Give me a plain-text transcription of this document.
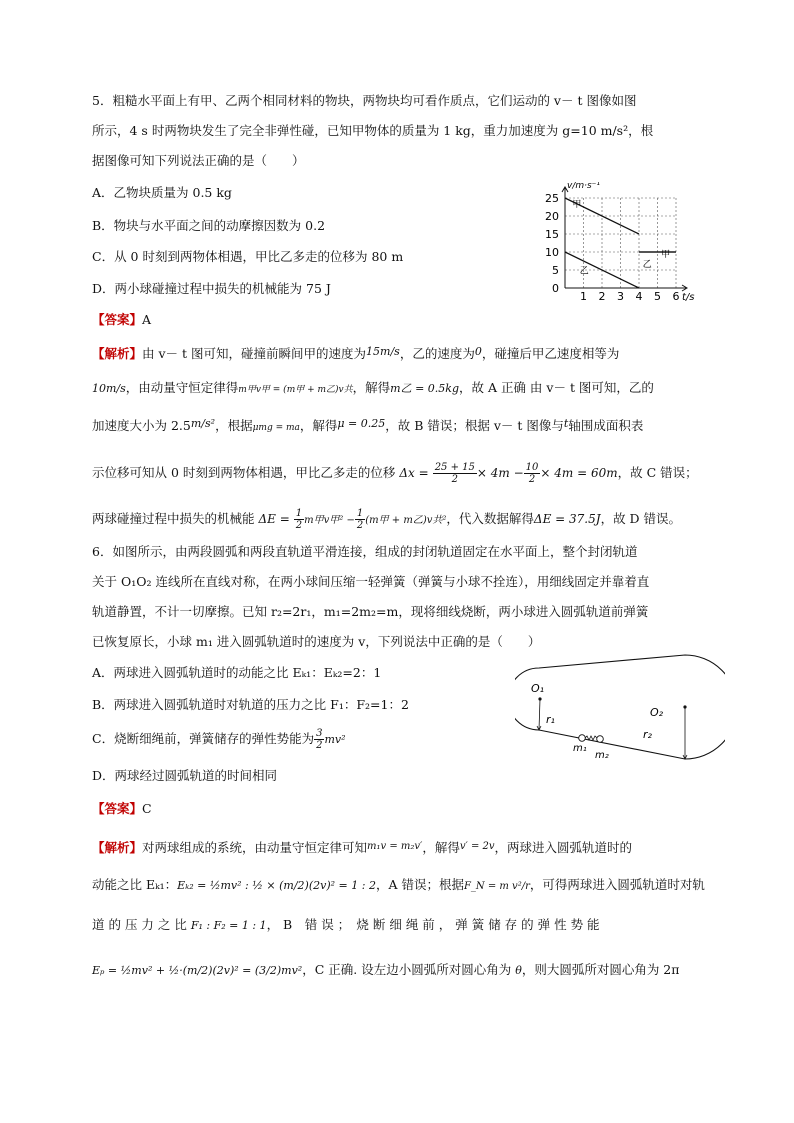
5．粗糙水平面上有甲、乙两个相同材料的物块，两物块均可看作质点，它们运动的 v－ t 图像如图
所示，4 s 时两物块发生了完全非弹性碰，已知甲物体的质量为 1 kg，重力加速度为 g=10 m/s²，根
据图像可知下列说法正确的是（　　）
A．乙物块质量为 0.5 kg
B．物块与水平面之间的动摩擦因数为 0.2
C．从 0 时刻到两物体相遇，甲比乙多走的位移为 80 m
D．两小球碰撞过程中损失的机械能为 75 J
【答案】A
1 2 3 4 5 6
0
5
10
15
20
25
t/s
v/m·s⁻¹
甲
乙
乙
甲
【解析】由 v－ t 图可知，碰撞前瞬间甲的速度为15m/s，乙的速度为0，碰撞后甲乙速度相等为
10m/s，由动量守恒定律得m甲v甲 = (m甲 + m乙)v共，解得m乙 = 0.5kg，故 A 正确 由 v－ t 图可知，乙的
加速度大小为 2.5m/s²，根据μmg = ma，解得μ = 0.25，故 B 错误；根据 v－ t 图像与t轴围成面积表
示位移可知从 0 时刻到两物体相遇，甲比乙多走的位移 $\Delta x = \frac{25 + 15}{2} \times 4m - \frac{10}{2} \times 4m = 60m$，故 C 错误；
两球碰撞过程中损失的机械能 $\Delta E = \frac{1}{2}$ m甲v甲$^2 - \frac{1}{2} (m$甲 + m乙)v共²，代入数据解得ΔE = 37.5J，故 D 错误。
6．如图所示，由两段圆弧和两段直轨道平滑连接，组成的封闭轨道固定在水平面上，整个封闭轨道
关于 O₁O₂ 连线所在直线对称，在两小球间压缩一轻弹簧（弹簧与小球不拴连），用细线固定并靠着直
轨道静置，不计一切摩擦。已知 r₂=2r₁，m₁=2m₂=m，现将细线烧断，两小球进入圆弧轨道前弹簧
已恢复原长，小球 m₁ 进入圆弧轨道时的速度为 v，下列说法中正确的是（　　）
A．两球进入圆弧轨道时的动能之比 Eₖ₁：Eₖ₂=2：1
B．两球进入圆弧轨道时对轨道的压力之比 F₁：F₂=1：2
C．烧断细绳前，弹簧储存的弹性势能为 $\frac{3}{2} mv^2$
D．两球经过圆弧轨道的时间相同
【答案】C
O₁
r₁
O₂
r₂
m₁
m₂
【解析】对两球组成的系统，由动量守恒定律可知$^{m_1v = m_2v'}$，解得$^{v' = 2v}$，两球进入圆弧轨道时的
动能之比 Eₖ₁：Eₖ₂ = ½mv² : ½ × (m/2)(2v)² = 1 : 2，A 错误；根据F_N = m v²/r，可得两球进入圆弧轨道时对轨
道 的 压 力 之 比 F₁ : F₂ = 1 : 1， B　错 误 ；　烧 断 细 绳 前 ， 弹 簧 储 存 的 弹 性 势 能
Eₚ = ½mv² + ½·(m/2)(2v)² = (3/2)mv²，C 正确. 设左边小圆弧所对圆心角为 θ，则大圆弧所对圆心角为 2π
